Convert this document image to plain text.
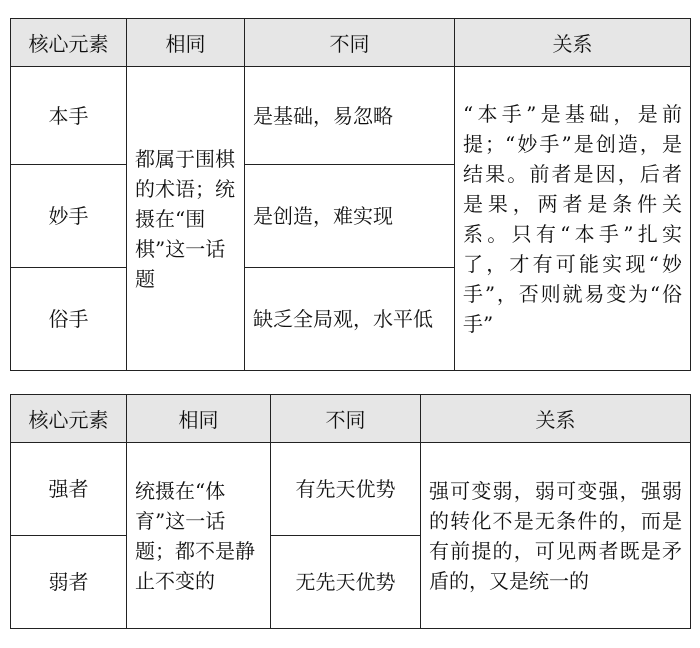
核心元素	相同	不同	关系
本手	都属于围棋的术语；统摄在“围棋”这一话题	是基础，易忽略	“本手”是基础，是前提；“妙手”是创造，是结果。前者是因，后者是果，两者是条件关系。只有“本手”扎实了，才有可能实现“妙手”，否则就易变为“俗手”

妙手		是创造，难实现	
俗手		缺乏全局观，水平低	
核心元素	相同	不同	关系
强者	统摄在“体育”这一话题；都不是静止不变的	有先天优势	强可变弱，弱可变强，强弱的转化不是无条件的，而是有前提的，可见两者既是矛盾的，又是统一的

弱者		无先天优势	
